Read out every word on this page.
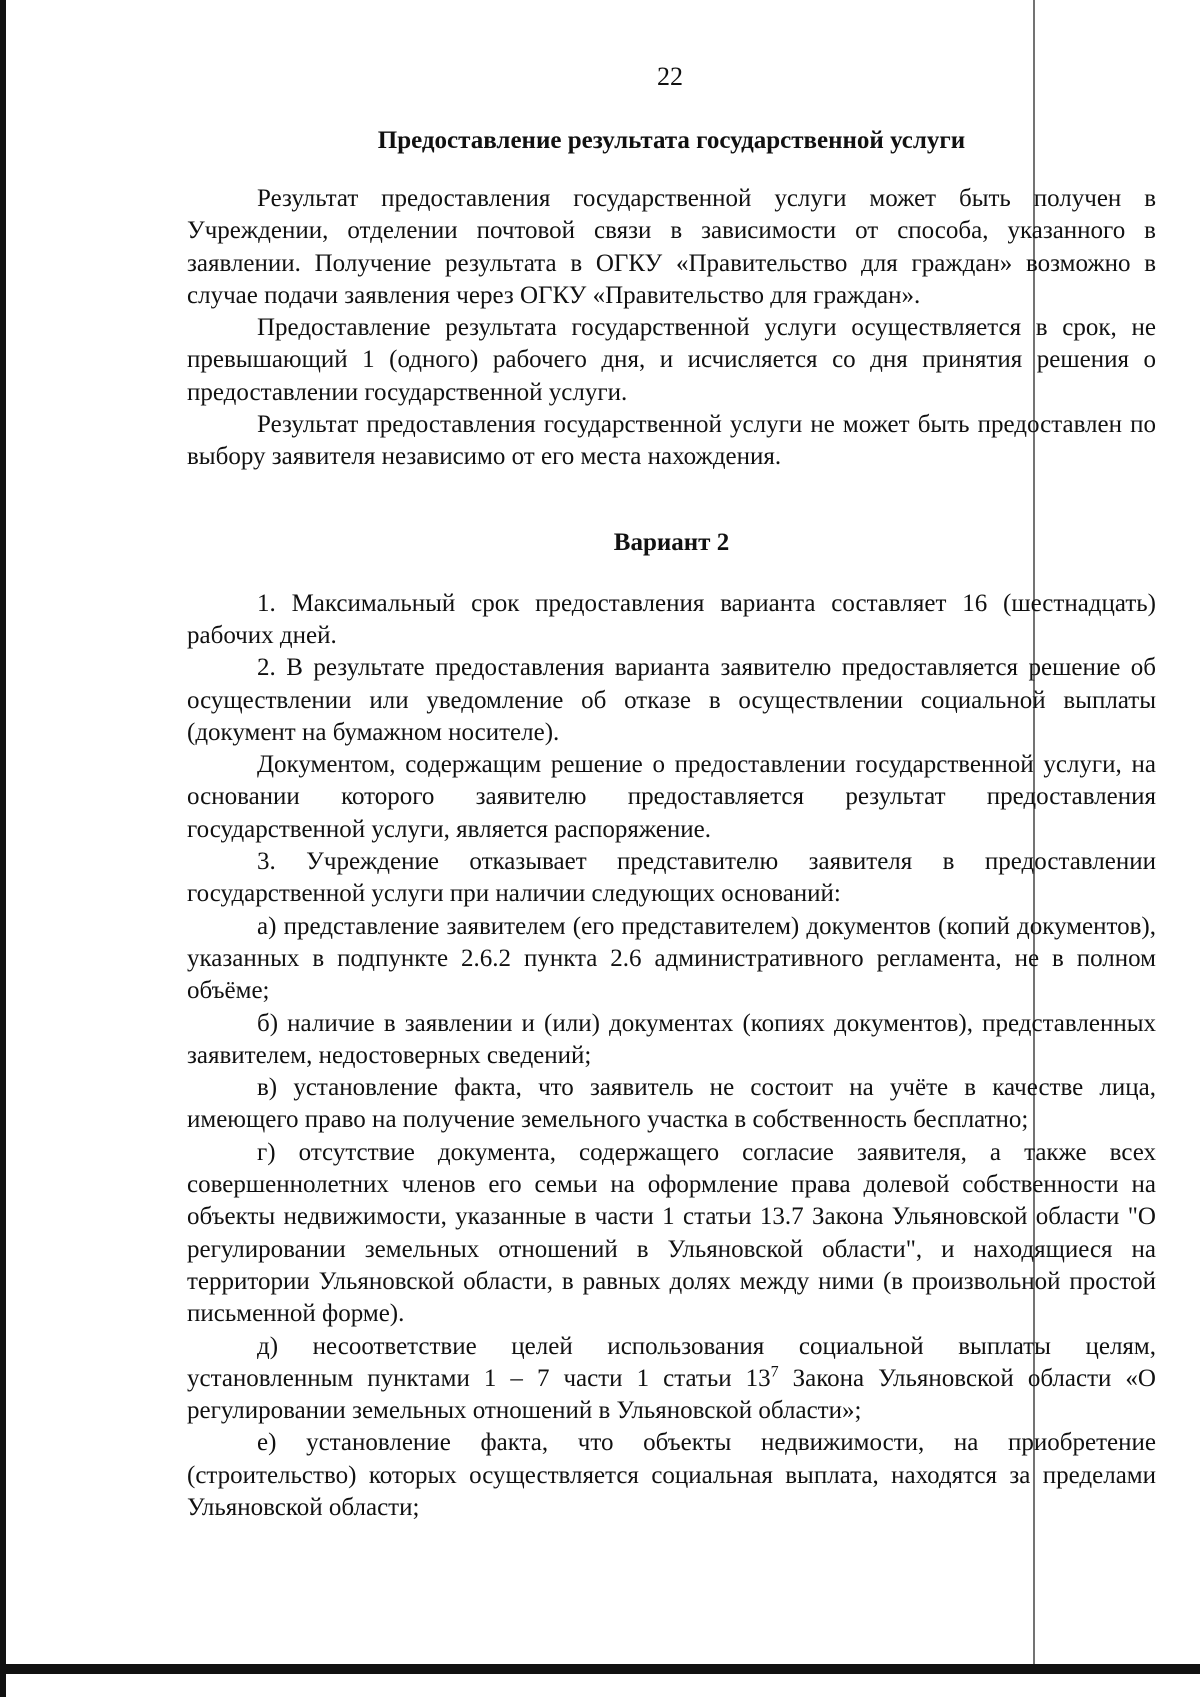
22
Предоставление результата государственной услуги

Результат предоставления государственной услуги может быть получен в Учреждении, отделении почтовой связи в зависимости от способа, указанного в заявлении. Получение результата в ОГКУ «Правительство для граждан» возможно в случае подачи заявления через ОГКУ «Правительство для граждан».

Предоставление результата государственной услуги осуществляется в срок, не превышающий 1 (одного) рабочего дня, и исчисляется со дня принятия решения о предоставлении государственной услуги.

Результат предоставления государственной услуги не может быть предоставлен по выбору заявителя независимо от его места нахождения.

Вариант 2

1. Максимальный срок предоставления варианта составляет 16 (шестнадцать) рабочих дней.

2. В результате предоставления варианта заявителю предоставляется решение об осуществлении или уведомление об отказе в осуществлении социальной выплаты (документ на бумажном носителе).

Документом, содержащим решение о предоставлении государственной услуги, на основании которого заявителю предоставляется результат предоставления государственной услуги, является распоряжение.

3. Учреждение отказывает представителю заявителя в предоставлении государственной услуги при наличии следующих оснований:

а) представление заявителем (его представителем) документов (копий документов), указанных в подпункте 2.6.2 пункта 2.6 административного регламента, не в полном объёме;

б) наличие в заявлении и (или) документах (копиях документов), представленных заявителем, недостоверных сведений;

в) установление факта, что заявитель не состоит на учёте в качестве лица, имеющего право на получение земельного участка в собственность бесплатно;

г) отсутствие документа, содержащего согласие заявителя, а также всех совершеннолетних членов его семьи на оформление права долевой собственности на объекты недвижимости, указанные в части 1 статьи 13.7 Закона Ульяновской области "О регулировании земельных отношений в Ульяновской области", и находящиеся на территории Ульяновской области, в равных долях между ними (в произвольной простой письменной форме).

д) несоответствие целей использования социальной выплаты целям, установленным пунктами 1 – 7 части 1 статьи $13^7$ Закона Ульяновской области «О регулировании земельных отношений в Ульяновской области»;

е) установление факта, что объекты недвижимости, на приобретение (строительство) которых осуществляется социальная выплата, находятся за пределами Ульяновской области;
